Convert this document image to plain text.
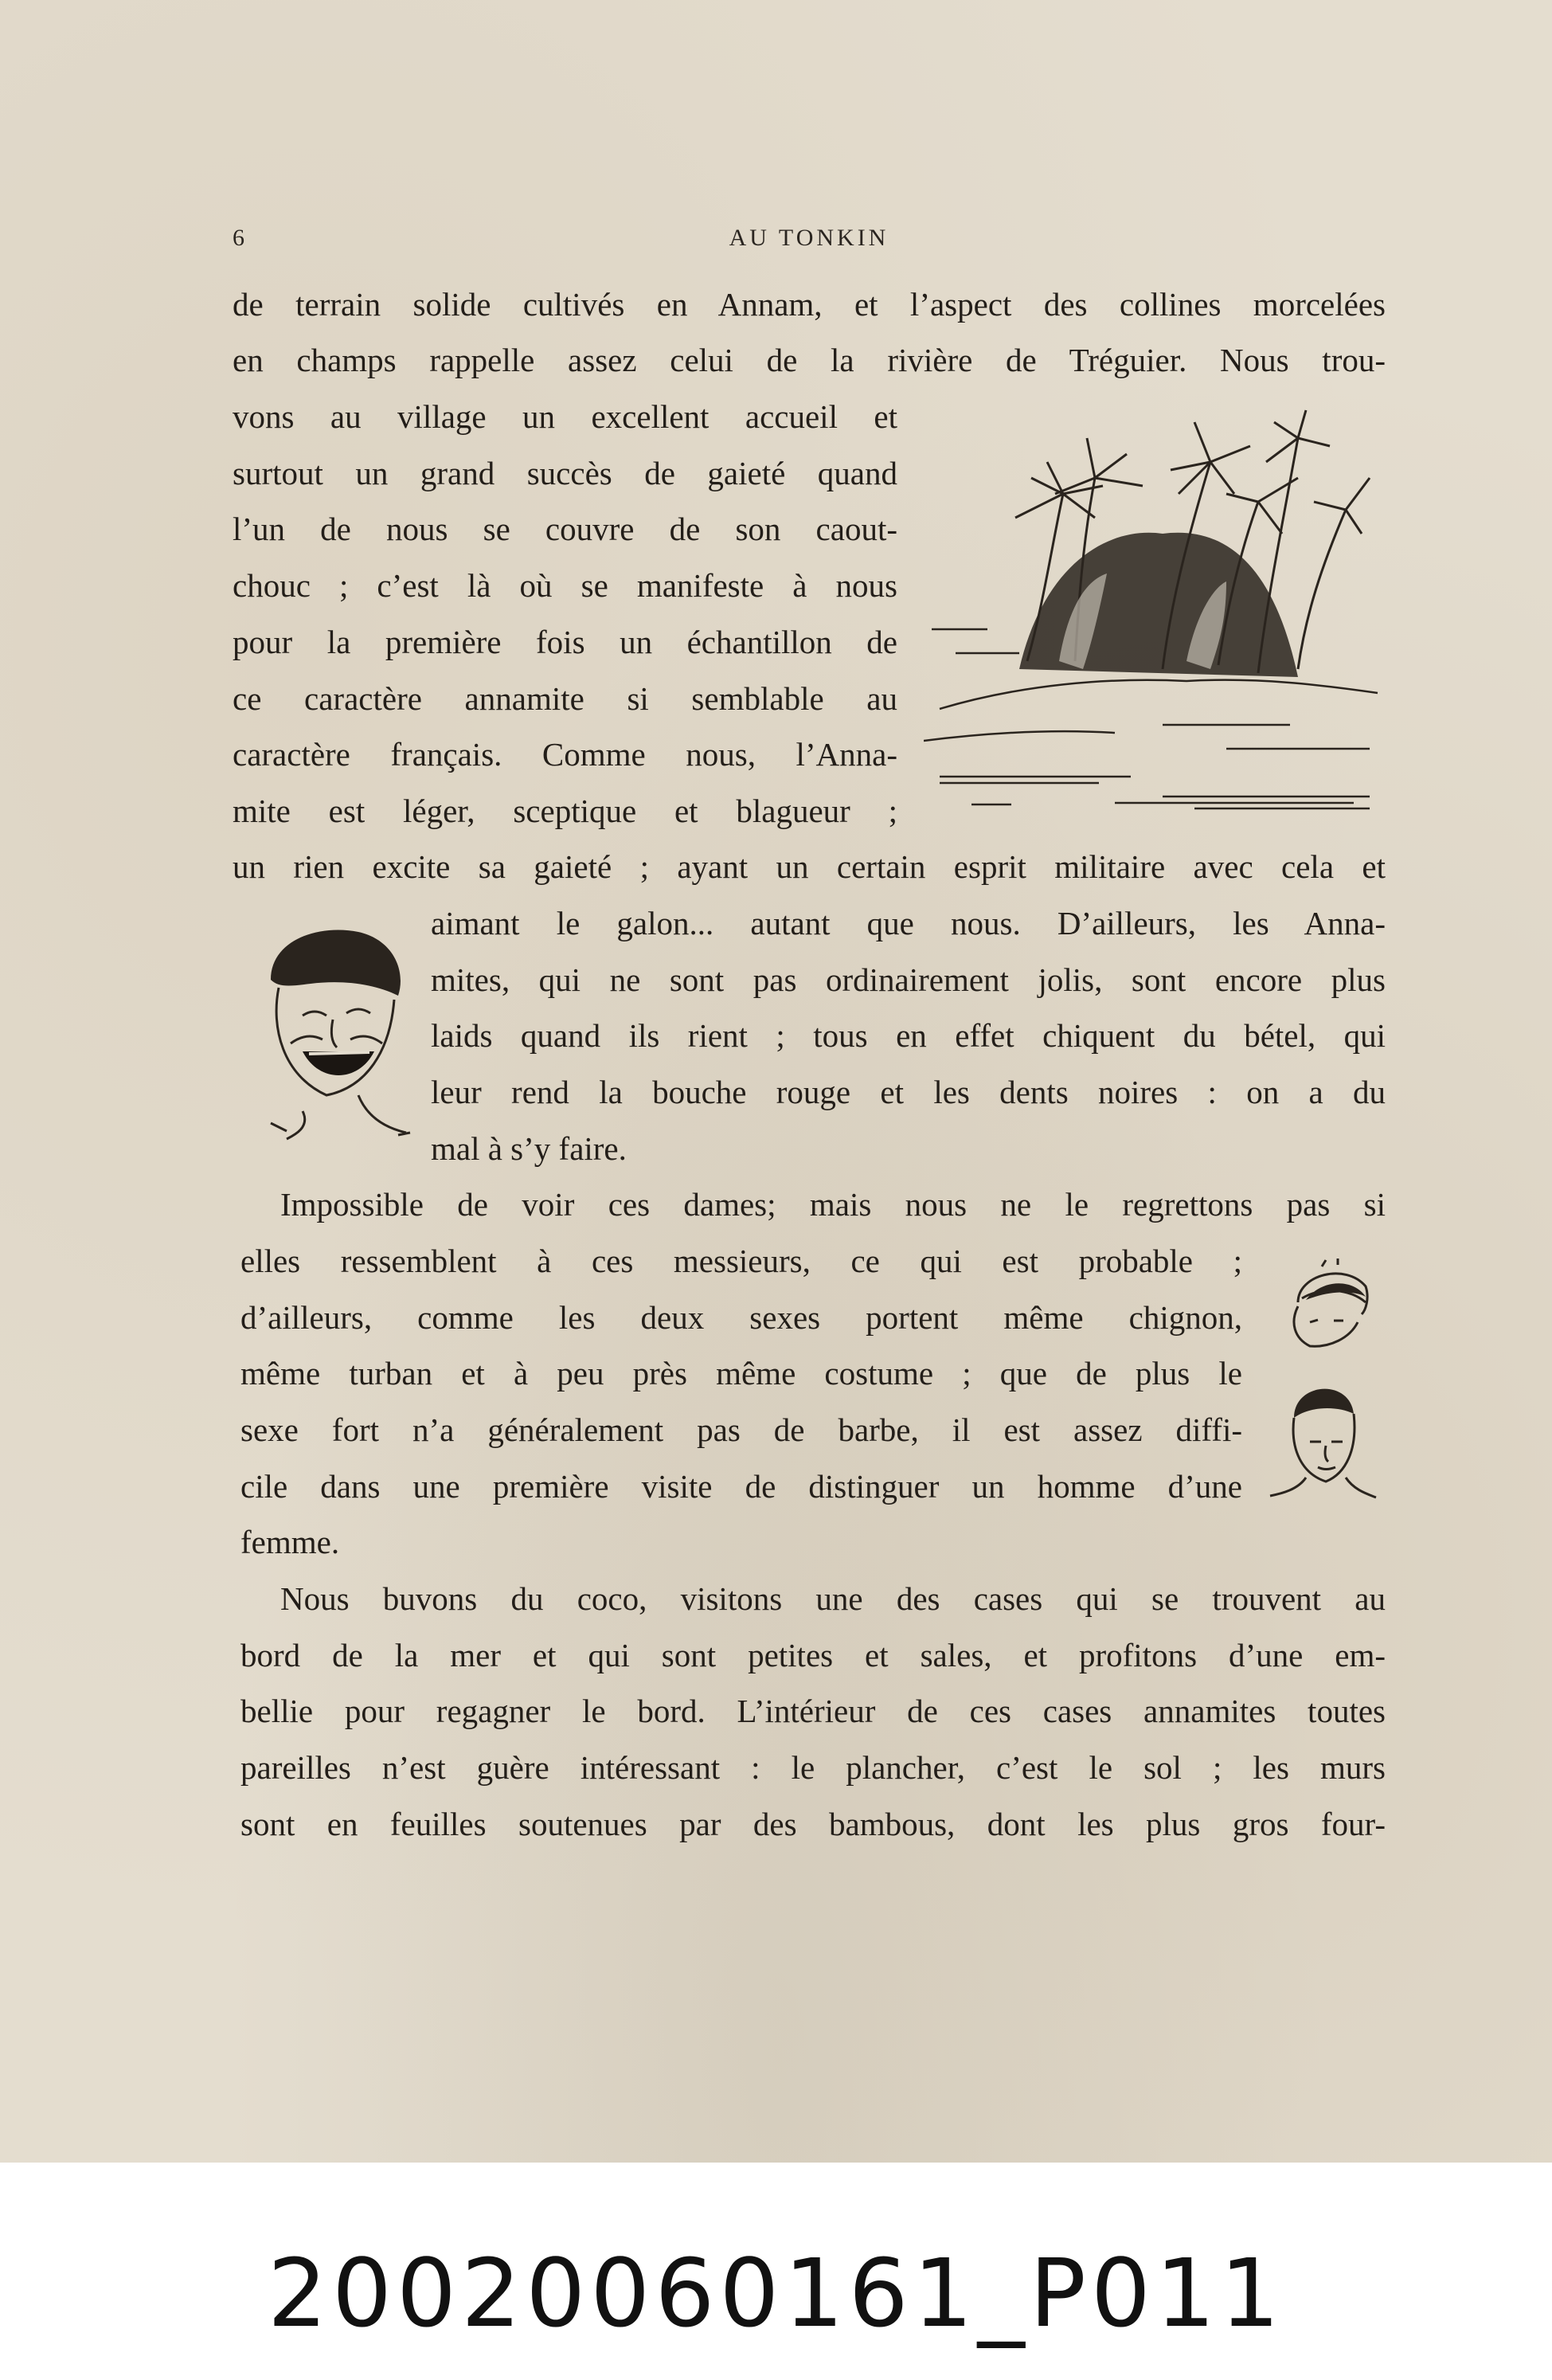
6	AU TONKIN
de terrain solide cultivés en Annam, et l’aspect des collines morcelées
en champs rappelle assez celui de la rivière de Tréguier. Nous trou-
vons au village un excellent accueil et
surtout un grand succès de gaieté quand
l’un de nous se couvre de son caout-
chouc ; c’est là où se manifeste à nous
pour la première fois un échantillon de
ce caractère annamite si semblable au
caractère français. Comme nous, l’Anna-
mite est léger, sceptique et blagueur ;
un rien excite sa gaieté ; ayant un certain esprit militaire avec cela et
aimant le galon... autant que nous. D’ailleurs, les Anna-
mites, qui ne sont pas ordinairement jolis, sont encore plus
laids quand ils rient ; tous en effet chiquent du bétel, qui
leur rend la bouche rouge et les dents noires : on a du
mal à s’y faire.
Impossible de voir ces dames; mais nous ne le regrettons pas si
elles ressemblent à ces messieurs, ce qui est probable ;
d’ailleurs, comme les deux sexes portent même chignon,
même turban et à peu près même costume ; que de plus le
sexe fort n’a généralement pas de barbe, il est assez diffi-
cile dans une première visite de distinguer un homme d’une
femme.
Nous buvons du coco, visitons une des cases qui se trouvent au
bord de la mer et qui sont petites et sales, et profitons d’une em-
bellie pour regagner le bord. L’intérieur de ces cases annamites toutes
pareilles n’est guère intéressant : le plancher, c’est le sol ; les murs
sont en feuilles soutenues par des bambous, dont les plus gros four-
20020060161_P011
